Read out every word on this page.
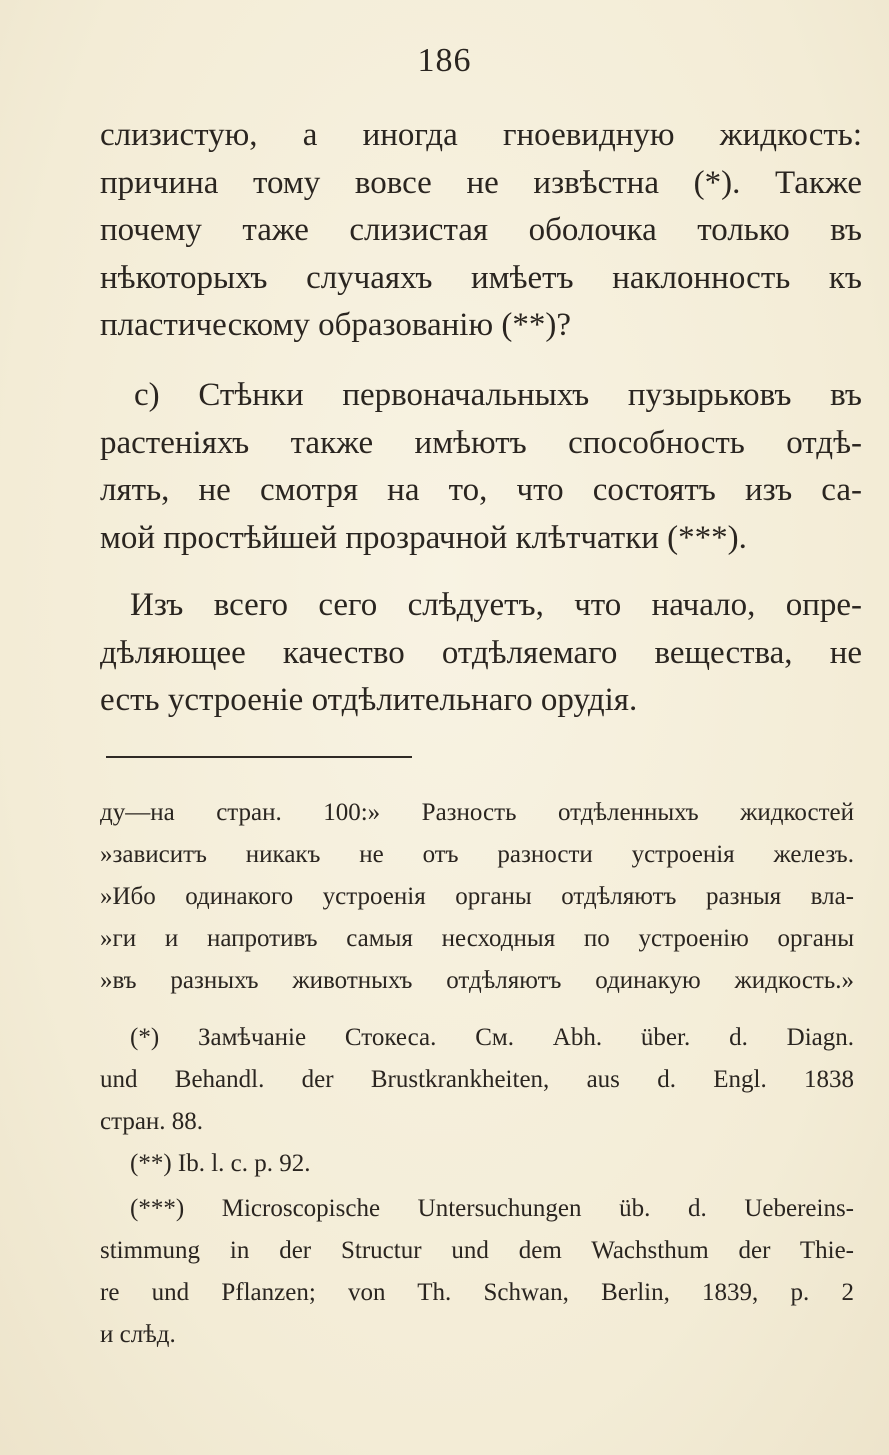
186
слизистую, а иногда гноевидную жидкость:
причина тому вовсе не извѣстна (*). Также
почему таже слизистая оболочка только въ
нѣкоторыхъ случаяхъ имѣетъ наклонность къ
пластическому образованію (**)?
с) Стѣнки первоначальныхъ пузырьковъ въ
растеніяхъ также имѣютъ способность отдѣ-
лять, не смотря на то, что состоятъ изъ са-
мой простѣйшей прозрачной клѣтчатки (***).
Изъ всего сего слѣдуетъ, что начало, опре-
дѣляющее качество отдѣляемаго вещества, не
есть устроеніе отдѣлительнаго орудія.
ду—на стран. 100:» Разность отдѣленныхъ жидкостей
»зависитъ никакъ не отъ разности устроенія железъ.
»Ибо одинакого устроенія органы отдѣляютъ разныя вла-
»ги и напротивъ самыя несходныя по устроенію органы
»въ разныхъ животныхъ отдѣляютъ одинакую жидкость.»
(*) Замѣчаніе Стокеса. См. Abh. über. d. Diagn.
und Behandl. der Brustkrankheiten, aus d. Engl. 1838
стран. 88.
(**) Ib. l. c. p. 92.
(***) Microscopische Untersuchungen üb. d. Uebereins-
stimmung in der Structur und dem Wachsthum der Thie-
re und Pflanzen; von Th. Schwan, Berlin, 1839, p. 2
и слѣд.
